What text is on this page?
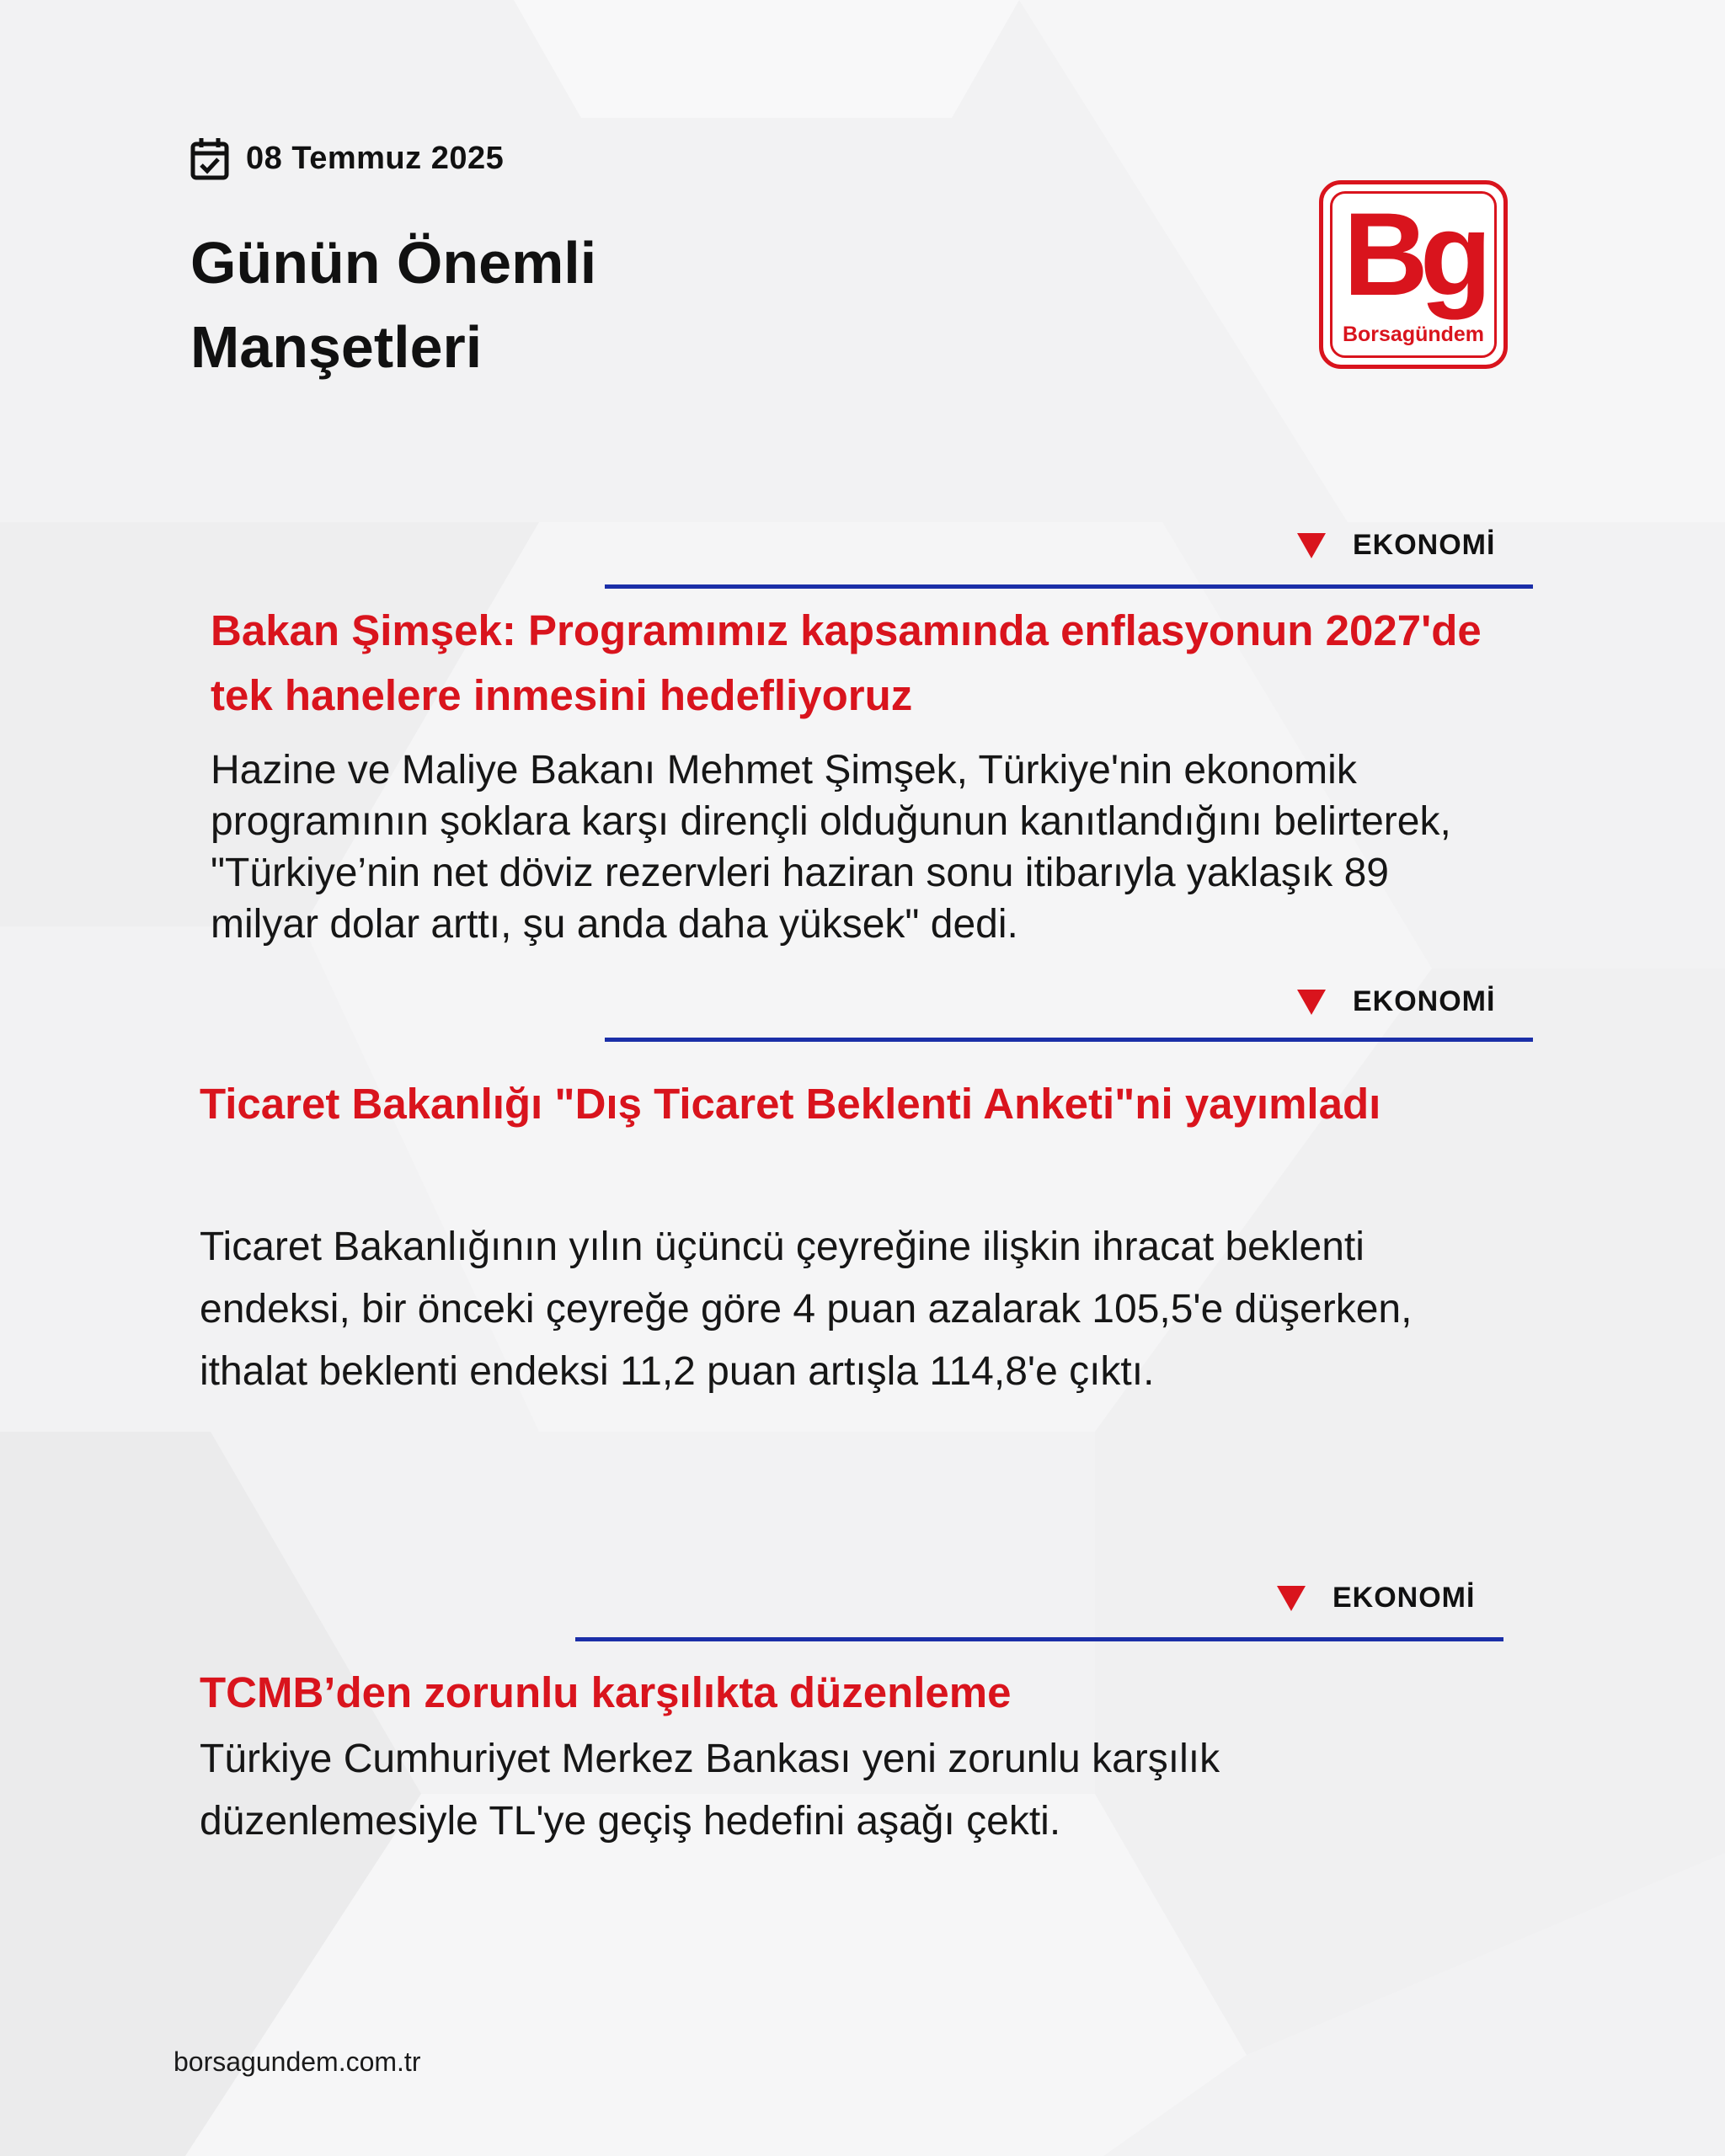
08 Temmuz 2025
Günün Önemli Manşetleri
Bg
Borsagündem
EKONOMİ
Bakan Şimşek: Programımız kapsamında enflasyonun 2027'de tek hanelere inmesini hedefliyoruz

Hazine ve Maliye Bakanı Mehmet Şimşek, Türkiye'nin ekonomik programının şoklara karşı dirençli olduğunun kanıtlandığını belirterek, "Türkiye’nin net döviz rezervleri haziran sonu itibarıyla yaklaşık 89 milyar dolar arttı, şu anda daha yüksek" dedi.

EKONOMİ
Ticaret Bakanlığı "Dış Ticaret Beklenti Anketi"ni yayımladı

Ticaret Bakanlığının yılın üçüncü çeyreğine ilişkin ihracat beklenti endeksi, bir önceki çeyreğe göre 4 puan azalarak 105,5'e düşerken, ithalat beklenti endeksi 11,2 puan artışla 114,8'e çıktı.

EKONOMİ
TCMB’den zorunlu karşılıkta düzenleme

Türkiye Cumhuriyet Merkez Bankası yeni zorunlu karşılık düzenlemesiyle TL'ye geçiş hedefini aşağı çekti.

borsagundem.com.tr
